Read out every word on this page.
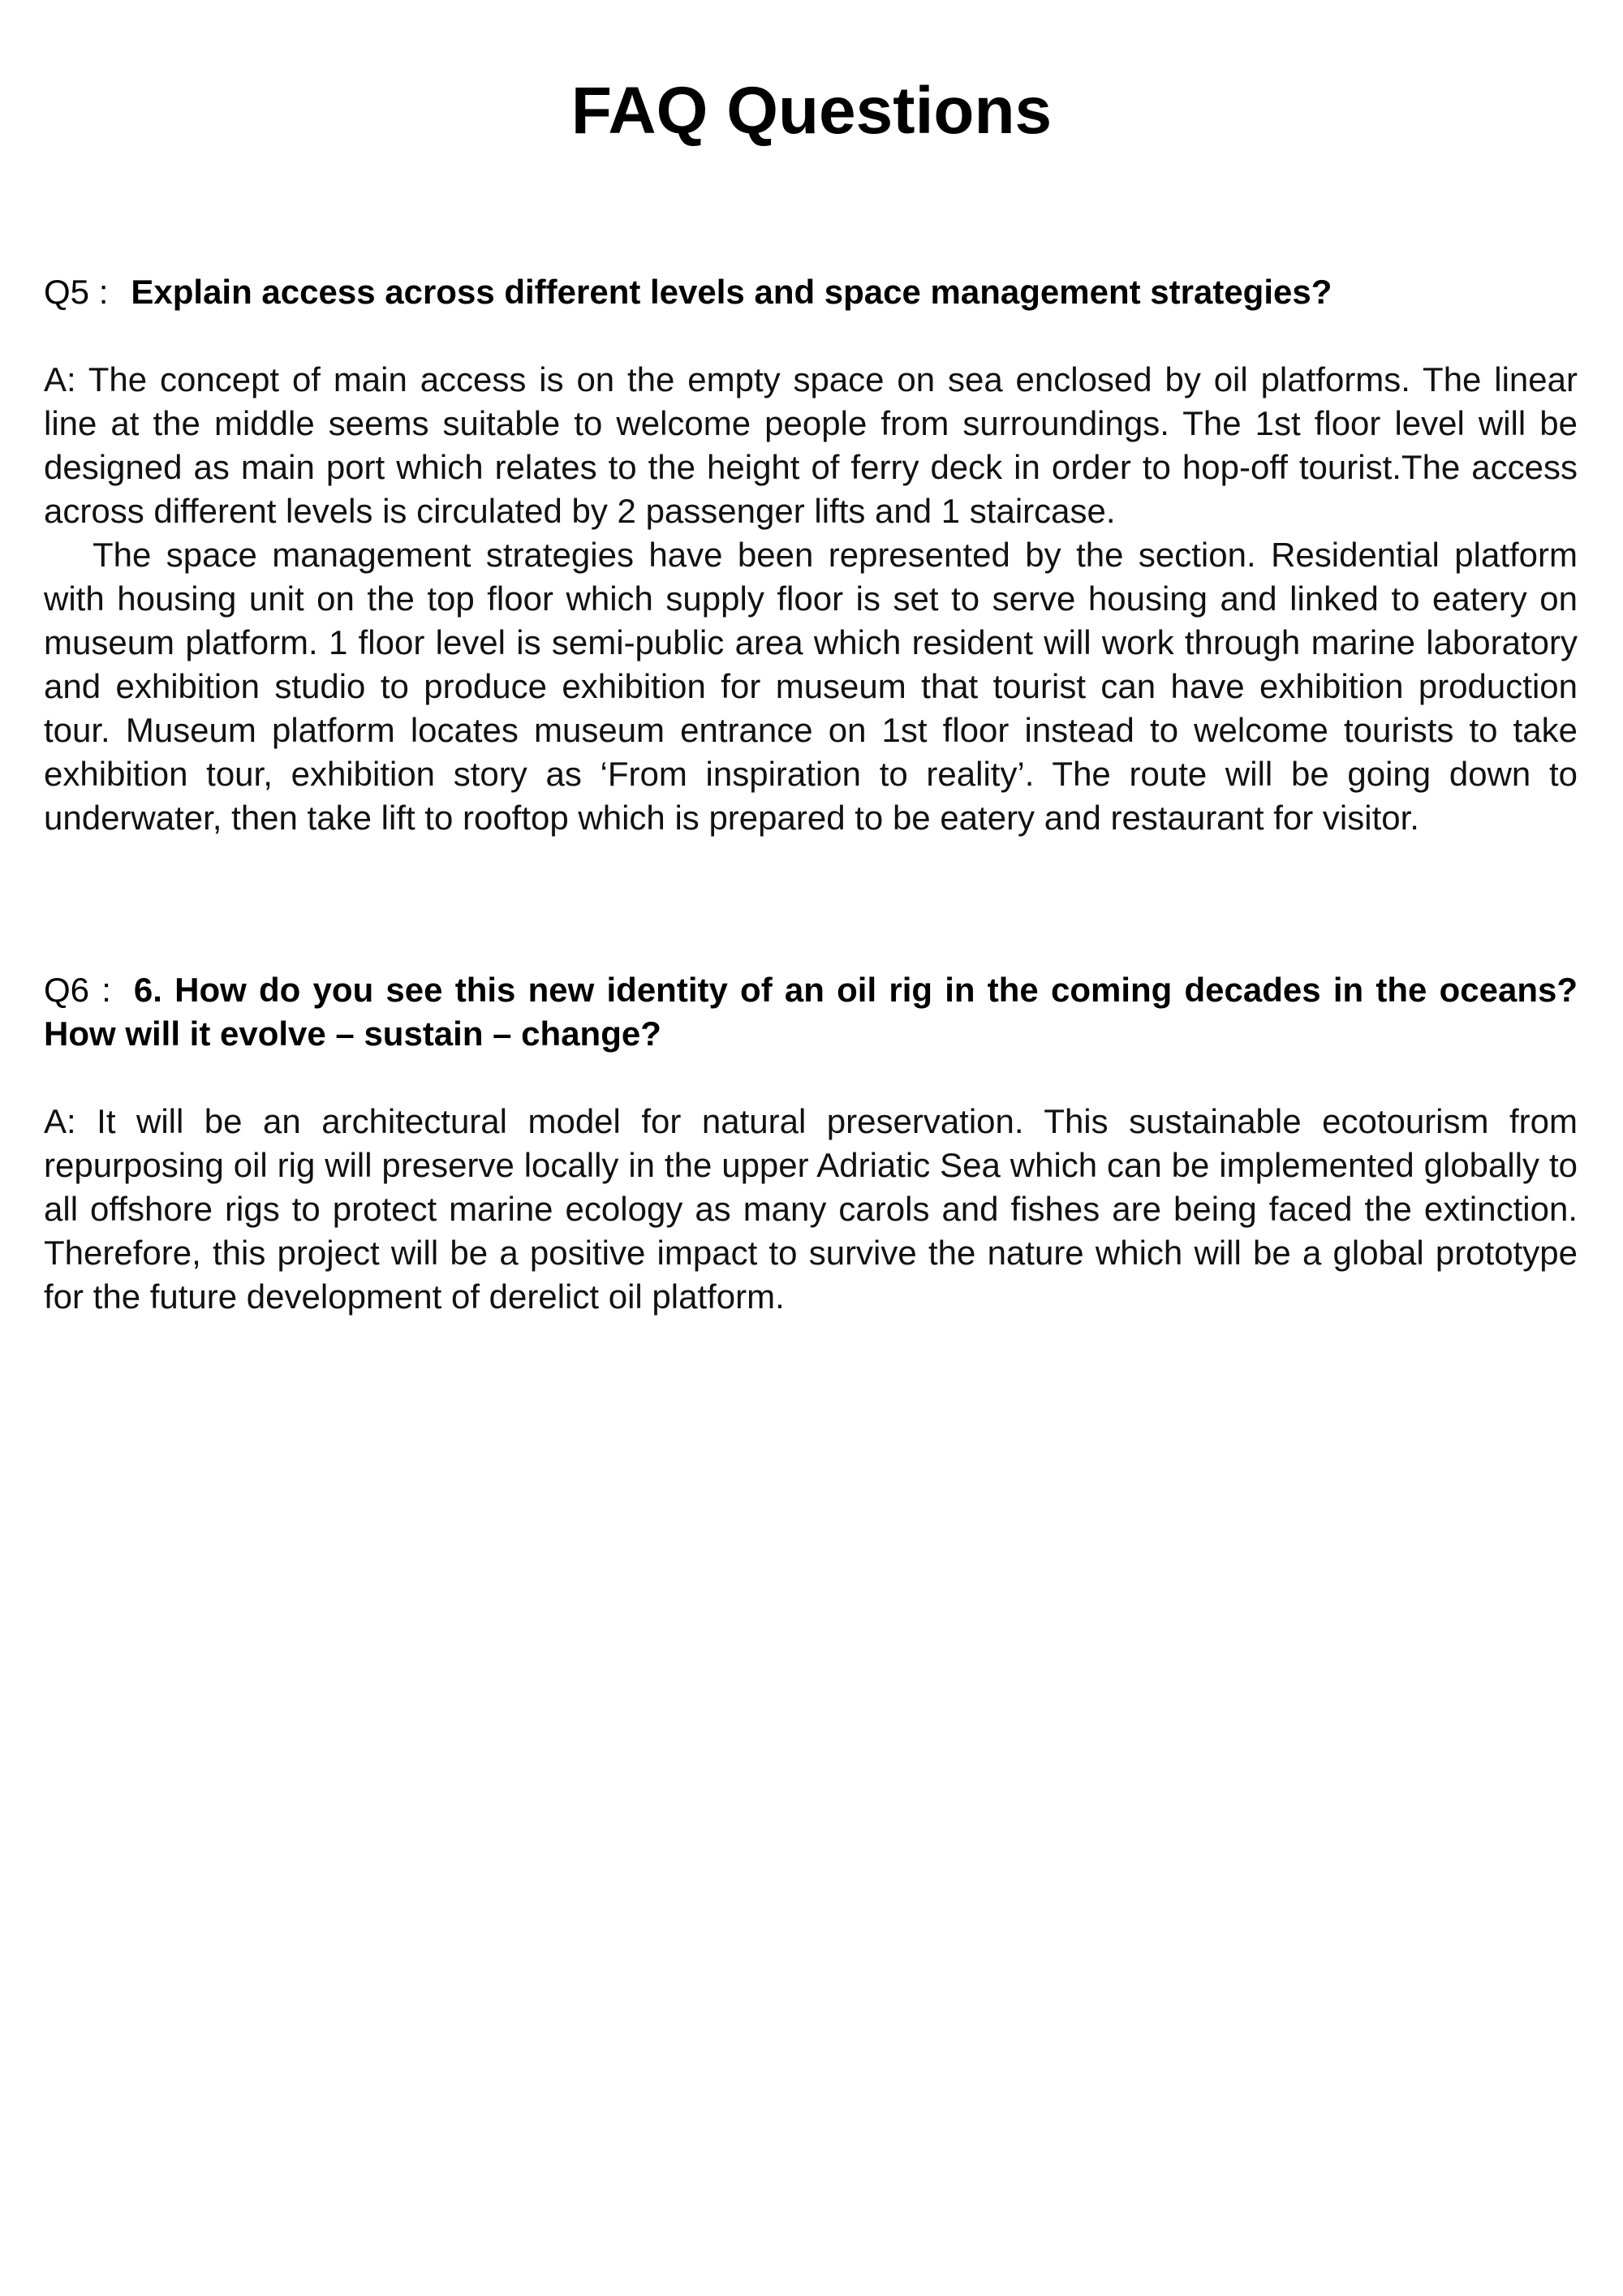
FAQ Questions

Q5 : Explain access across different levels and space management strategies?

A: The concept of main access is on the empty space on sea enclosed by oil platforms. The linear line at the middle seems suitable to welcome people from surroundings. The 1st floor level will be designed as main port which relates to the height of ferry deck in order to hop-off tourist.The access across different levels is circulated by 2 passenger lifts and 1 staircase.

The space management strategies have been represented by the section. Residential platform with housing unit on the top floor which supply floor is set to serve housing and linked to eatery on museum platform. 1 floor level is semi-public area which resident will work through marine laboratory and exhibition studio to produce exhibition for museum that tourist can have exhibition production tour. Museum platform locates museum entrance on 1st floor instead to welcome tourists to take exhibition tour, exhibition story as ‘From inspiration to reality’. The route will be going down to underwater, then take lift to rooftop which is prepared to be eatery and restaurant for visitor.

Q6 : 6. How do you see this new identity of an oil rig in the coming decades in the oceans? How will it evolve – sustain – change?

A: It will be an architectural model for natural preservation. This sustainable ecotourism from repurposing oil rig will preserve locally in the upper Adriatic Sea which can be implemented globally to all offshore rigs to protect marine ecology as many carols and fishes are being faced the extinction. Therefore, this project will be a positive impact to survive the nature which will be a global prototype for the future development of derelict oil platform.
